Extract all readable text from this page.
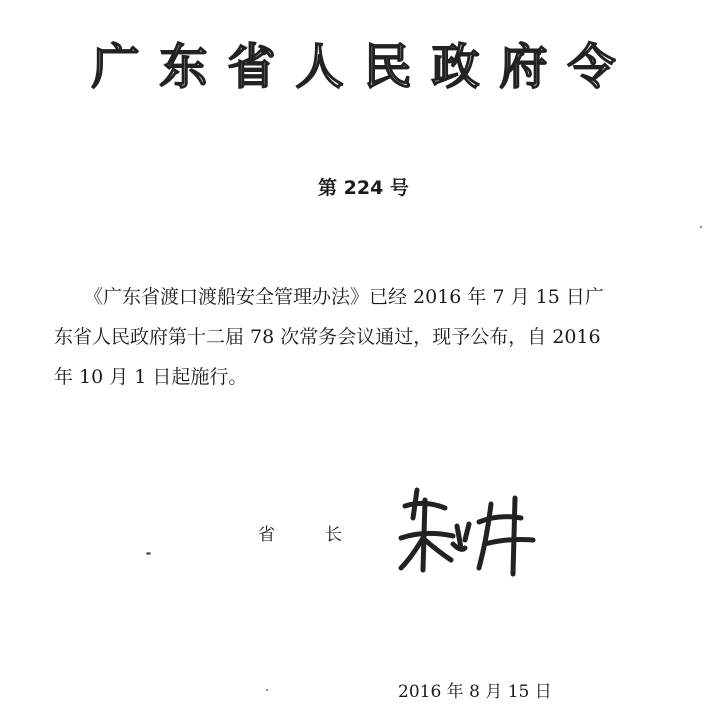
广东省人民政府令
第 224 号
《广东省渡口渡船安全管理办法》已经 2016 年 7 月 15 日广
东省人民政府第十二届 78 次常务会议通过，现予公布，自 2016
年 10 月 1 日起施行。
省长
2016 年 8 月 15 日
